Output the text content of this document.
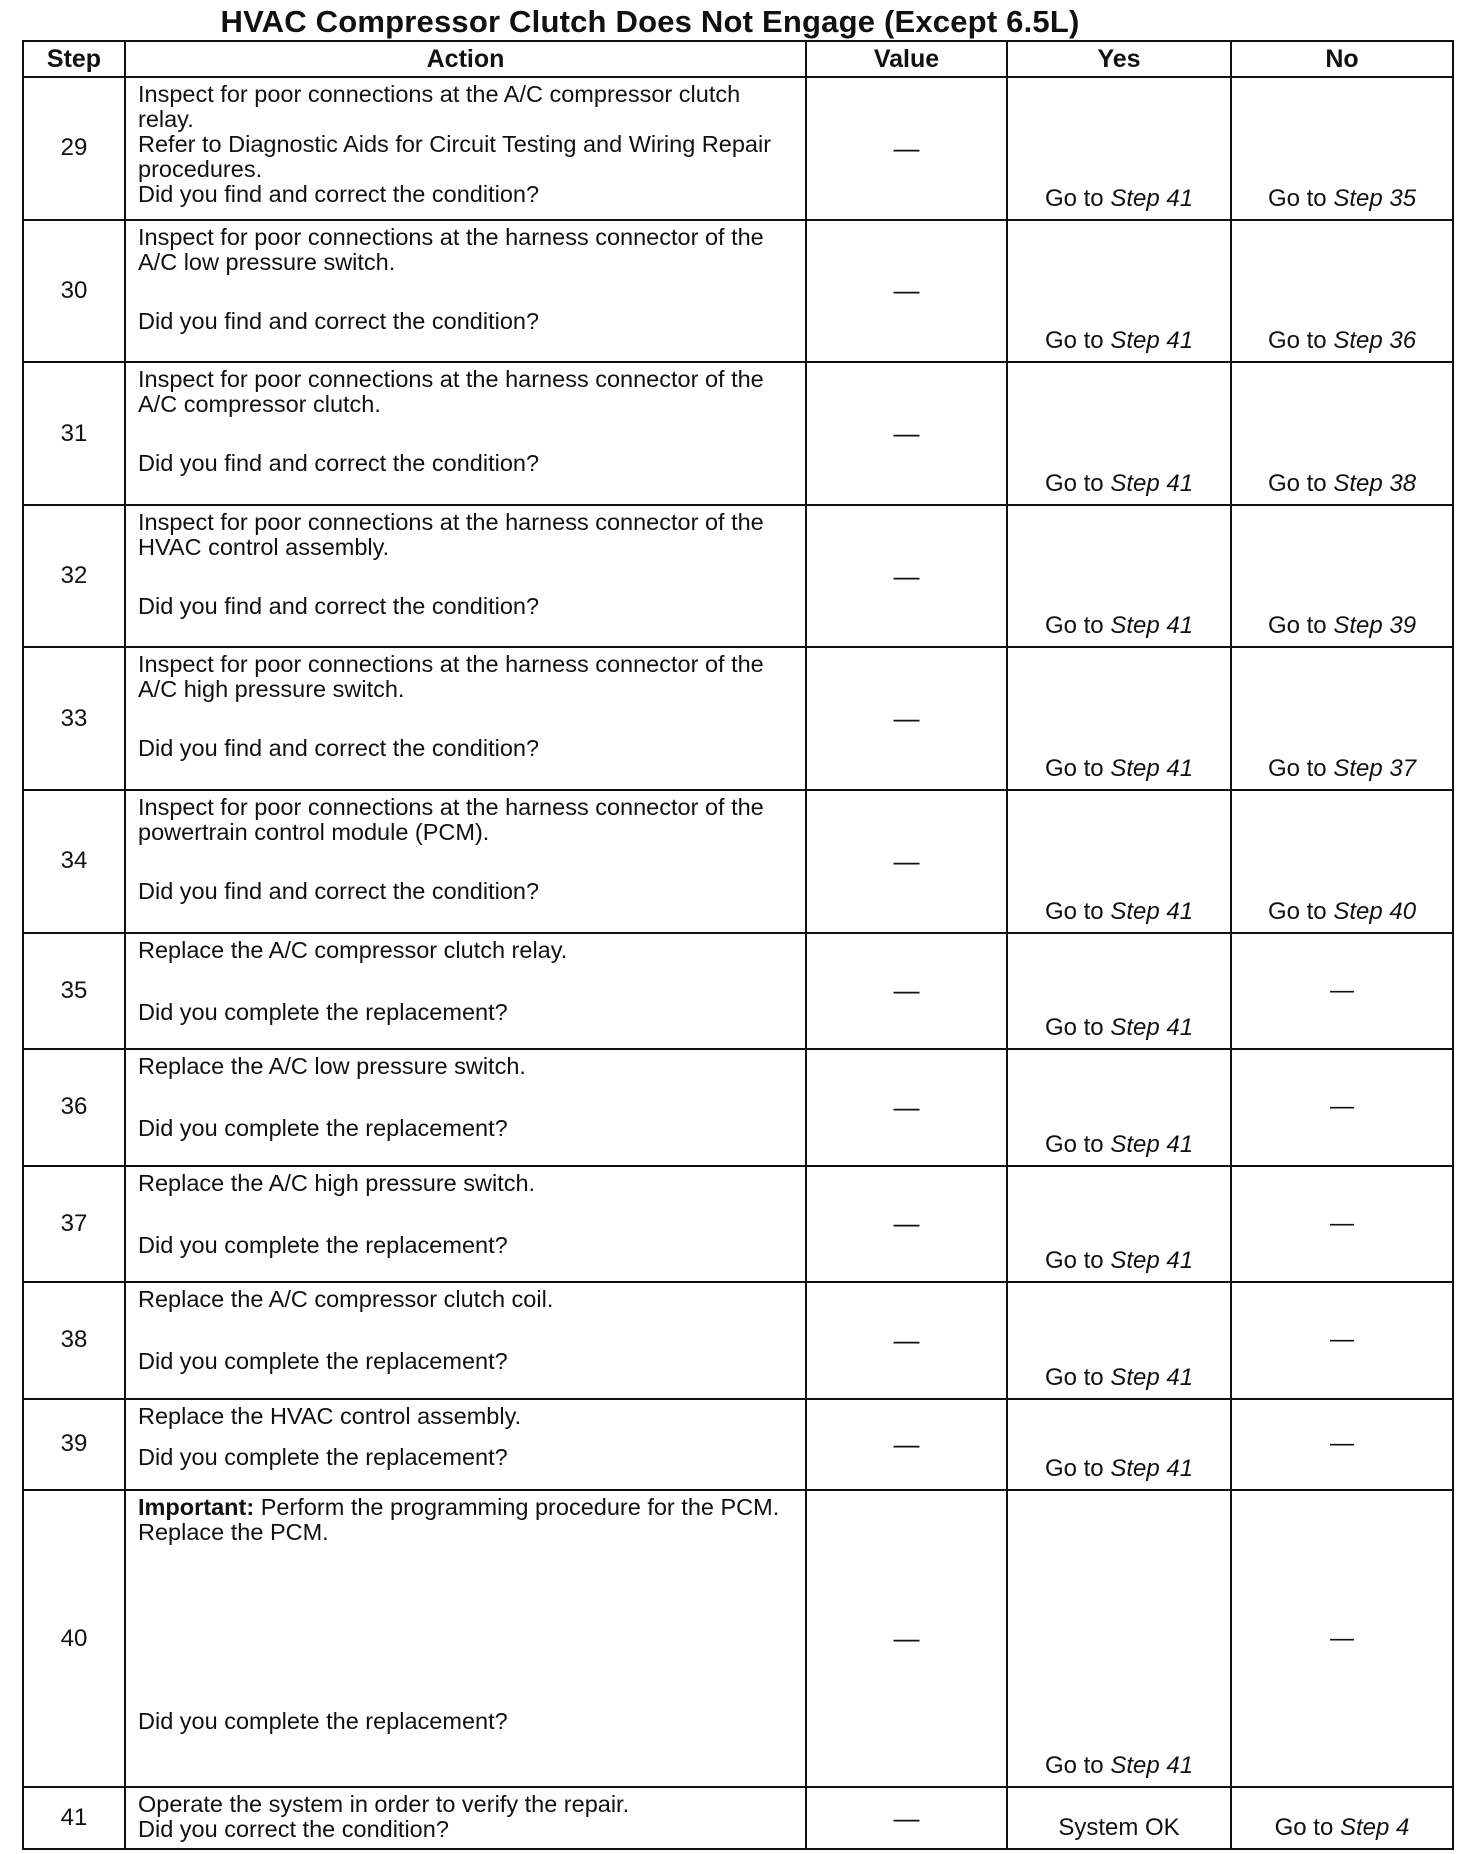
HVAC Compressor Clutch Does Not Engage (Except 6.5L)
Step	Action	Value	Yes	No
29	Inspect for poor connections at the A/C compressor clutch relay.

Refer to Diagnostic Aids for Circuit Testing and Wiring Repair procedures.

Did you find and correct the condition?	—	Go to Step 41	Go to Step 35
30	Inspect for poor connections at the harness connector of the A/C low pressure switch.

Did you find and correct the condition?	—	Go to Step 41	Go to Step 36
31	Inspect for poor connections at the harness connector of the A/C compressor clutch.

Did you find and correct the condition?	—	Go to Step 41	Go to Step 38
32	Inspect for poor connections at the harness connector of the HVAC control assembly.

Did you find and correct the condition?	—	Go to Step 41	Go to Step 39
33	Inspect for poor connections at the harness connector of the A/C high pressure switch.

Did you find and correct the condition?	—	Go to Step 41	Go to Step 37
34	Inspect for poor connections at the harness connector of the powertrain control module (PCM).

Did you find and correct the condition?	—	Go to Step 41	Go to Step 40
35	Replace the A/C compressor clutch relay.

Did you complete the replacement?	—	Go to Step 41	—
36	Replace the A/C low pressure switch.

Did you complete the replacement?	—	Go to Step 41	—
37	Replace the A/C high pressure switch.

Did you complete the replacement?	—	Go to Step 41	—
38	Replace the A/C compressor clutch coil.

Did you complete the replacement?	—	Go to Step 41	—
39	Replace the HVAC control assembly.

Did you complete the replacement?	—	Go to Step 41	—
40	Important: Perform the programming procedure for the PCM.

Replace the PCM.

Did you complete the replacement?	—	Go to Step 41	—
41	Operate the system in order to verify the repair.

Did you correct the condition?	—	System OK	Go to Step 4
